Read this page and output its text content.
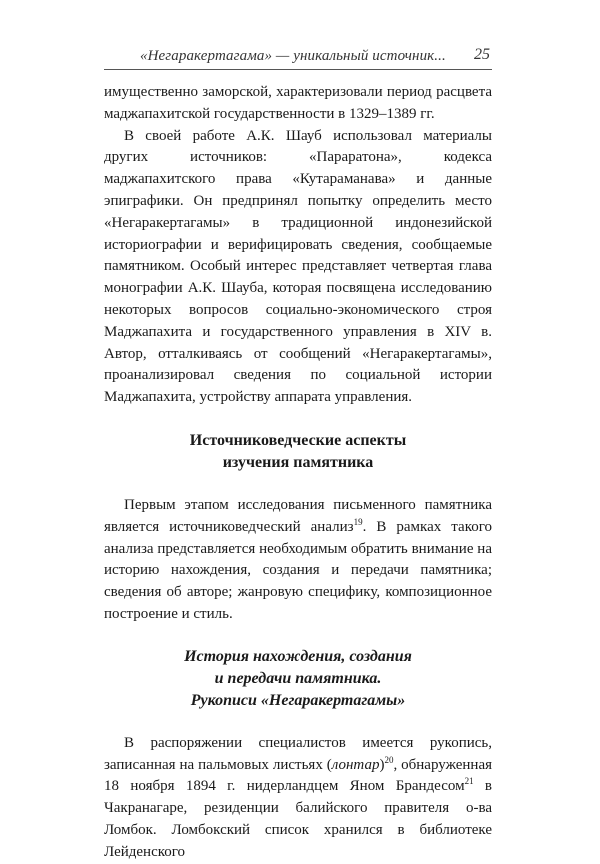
«Негаракертагама» — уникальный источник... 25

имущественно заморской, характеризовали период расцвета маджапахитской государственности в 1329–1389 гг.

В своей работе А.К. Шауб использовал материалы других источников: «Параратона», кодекса маджапахитского права «Кутараманава» и данные эпиграфики. Он предпринял попытку определить место «Негаракертагамы» в традиционной индонезийской историографии и верифицировать сведения, сообщаемые памятником. Особый интерес представляет четвертая глава монографии А.К. Шауба, которая посвящена исследованию некоторых вопросов социально-экономического строя Маджапахита и государственного управления в XIV в. Автор, отталкиваясь от сообщений «Негаракертагамы», проанализировал сведения по социальной истории Маджапахита, устройству аппарата управления.

Источниковедческие аспекты
изучения памятника

Первым этапом исследования письменного памятника является источниковедческий анализ$^{19}$. В рамках такого анализа представляется необходимым обратить внимание на историю нахождения, создания и передачи памятника; сведения об авторе; жанровую специфику, композиционное построение и стиль.

История нахождения, создания
и передачи памятника.
Рукописи «Негаракертагамы»

В распоряжении специалистов имеется рукопись, записанная на пальмовых листьях (лонтар)$^{20}$, обнаруженная 18 ноября 1894 г. нидерландцем Яном Брандесом$^{21}$ в Чакранагаре, резиденции балийского правителя о-ва Ломбок. Ломбокский список хранился в библиотеке Лейденского
